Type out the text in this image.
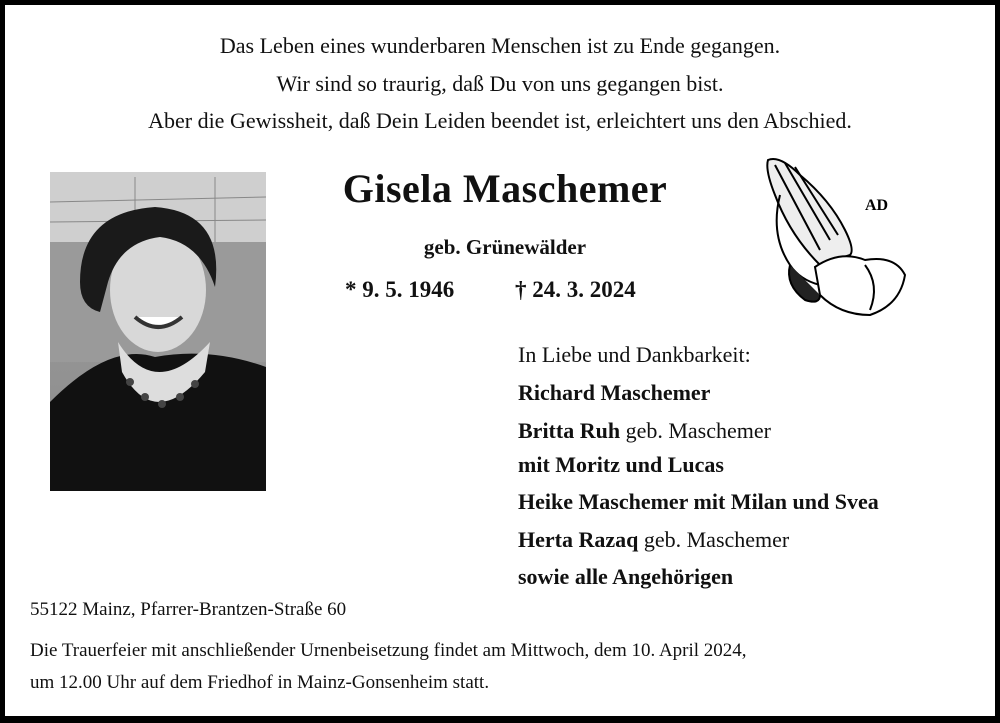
Das Leben eines wunderbaren Menschen ist zu Ende gegangen.
Wir sind so traurig, daß Du von uns gegangen bist.
Aber die Gewissheit, daß Dein Leiden beendet ist, erleichtert uns den Abschied.
Gisela Maschemer
geb. Grünewälder
* 9. 5. 1946	† 24. 3. 2024
AD
In Liebe und Dankbarkeit:
Richard Maschemer
Britta Ruh geb. Maschemer
mit Moritz und Lucas
Heike Maschemer mit Milan und Svea
Herta Razaq geb. Maschemer
sowie alle Angehörigen
55122 Mainz, Pfarrer-Brantzen-Straße 60
Die Trauerfeier mit anschließender Urnenbeisetzung findet am Mittwoch, dem 10. April 2024,
um 12.00 Uhr auf dem Friedhof in Mainz-Gonsenheim statt.
